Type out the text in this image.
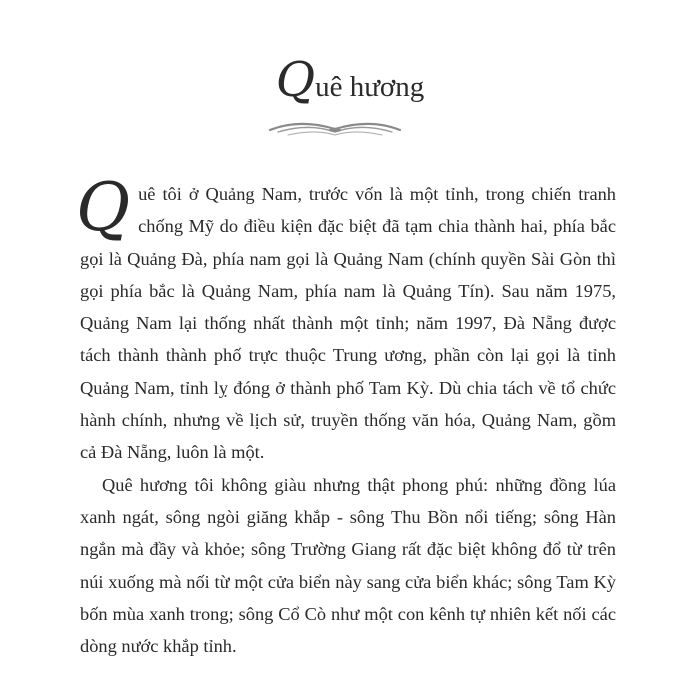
Quê hương

Quê tôi ở Quảng Nam, trước vốn là một tỉnh, trong chiến tranh chống Mỹ do điều kiện đặc biệt đã tạm chia thành hai, phía bắc gọi là Quảng Đà, phía nam gọi là Quảng Nam (chính quyền Sài Gòn thì gọi phía bắc là Quảng Nam, phía nam là Quảng Tín). Sau năm 1975, Quảng Nam lại thống nhất thành một tỉnh; năm 1997, Đà Nẵng được tách thành thành phố trực thuộc Trung ương, phần còn lại gọi là tỉnh Quảng Nam, tỉnh lỵ đóng ở thành phố Tam Kỳ. Dù chia tách về tổ chức hành chính, nhưng về lịch sử, truyền thống văn hóa, Quảng Nam, gồm cả Đà Nẵng, luôn là một.

Quê hương tôi không giàu nhưng thật phong phú: những đồng lúa xanh ngát, sông ngòi giăng khắp - sông Thu Bồn nổi tiếng; sông Hàn ngắn mà đầy và khỏe; sông Trường Giang rất đặc biệt không đổ từ trên núi xuống mà nối từ một cửa biển này sang cửa biển khác; sông Tam Kỳ bốn mùa xanh trong; sông Cổ Cò như một con kênh tự nhiên kết nối các dòng nước khắp tỉnh.
